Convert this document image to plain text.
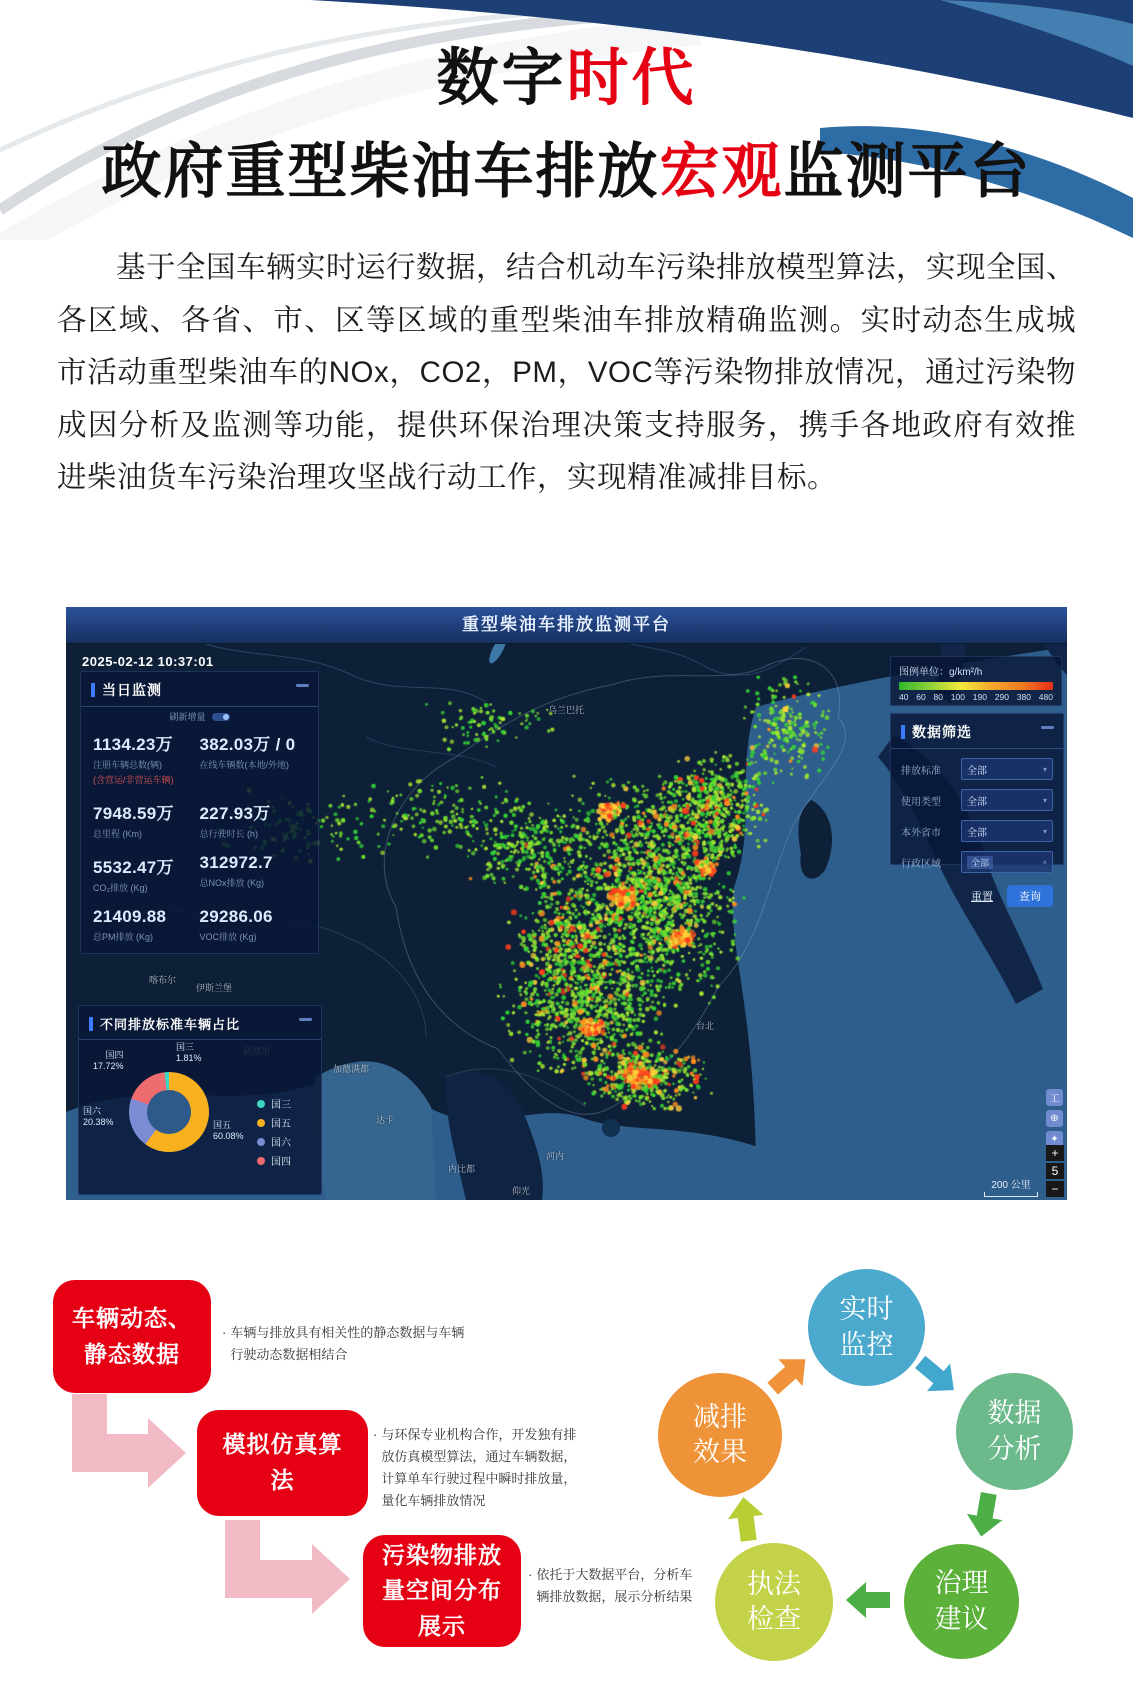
数字时代
政府重型柴油车排放宏观监测平台
基于全国车辆实时运行数据，结合机动车污染排放模型算法，实现全国、各区域、各省、市、区等区域的重型柴油车排放精确监测。实时动态生成城市活动重型柴油车的NOx，CO2，PM，VOC等污染物排放情况，通过污染物成因分析及监测等功能，提供环保治理决策支持服务，携手各地政府有效推进柴油货车污染治理攻坚战行动工作，实现精准减排目标。
乌兰巴托
喀布尔
伊斯兰堡
加德满都
达卡
内比都
河内
仰光
台北
重型柴油车排放监测平台
2025-02-12 10:37:01
当日监测
刷新增量
1134.23万
注册车辆总数(辆)
(含营运/非营运车辆)
382.03万 / 0
在线车辆数(本地/外地)
7948.59万
总里程 (Km)
227.93万
总行驶时长 (h)
5532.47万
CO₂排放 (Kg)
312972.7
总NOx排放 (Kg)
21409.88
总PM排放 (Kg)
29286.06
VOC排放 (Kg)
图例单位：g/km²/h
40 60 80 100 190 290 380 480
数据筛选
排放标准	全部	▾
使用类型	全部	▾
本外省市	全部	▾
行政区域	全部	×
重置	查询
不同排放标准车辆占比
国四
17.72%
国三
1.81%
国六
20.38%	国五
60.08%
国三
国五
国六
国四
工
⊕
✦
+
5
−
200 公里
车辆动态、静态数据
· 车辆与排放具有相关性的静态数据与车辆行驶动态数据相结合
模拟仿真算法
· 与环保专业机构合作，开发独有排放仿真模型算法，通过车辆数据，计算单车行驶过程中瞬时排放量，量化车辆排放情况
污染物排放量空间分布展示
· 依托于大数据平台，分析车辆排放数据，展示分析结果
实时
监控
数据
分析
治理
建议
执法
检查
减排
效果
